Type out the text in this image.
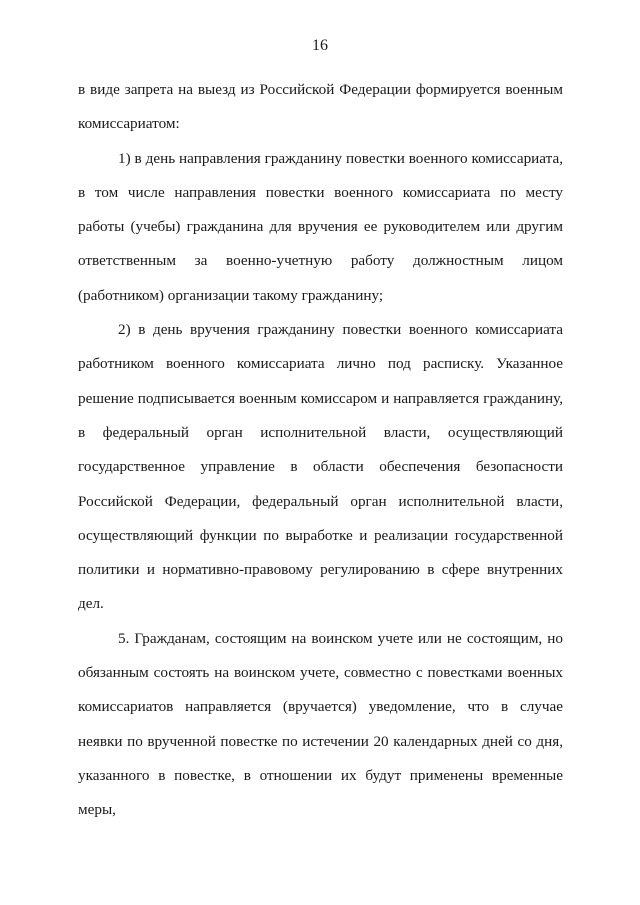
16

в виде запрета на выезд из Российской Федерации формируется военным комиссариатом:

1) в день направления гражданину повестки военного комиссариата, в том числе направления повестки военного комиссариата по месту работы (учебы) гражданина для вручения ее руководителем или другим ответственным за военно-учетную работу должностным лицом (работником) организации такому гражданину;

2) в день вручения гражданину повестки военного комиссариата работником военного комиссариата лично под расписку. Указанное решение подписывается военным комиссаром и направляется гражданину, в федеральный орган исполнительной власти, осуществляющий государственное управление в области обеспечения безопасности Российской Федерации, федеральный орган исполнительной власти, осуществляющий функции по выработке и реализации государственной политики и нормативно-правовому регулированию в сфере внутренних дел.

5. Гражданам, состоящим на воинском учете или не состоящим, но обязанным состоять на воинском учете, совместно с повестками военных комиссариатов направляется (вручается) уведомление, что в случае неявки по врученной повестке по истечении 20 календарных дней со дня, указанного в повестке, в отношении их будут применены временные меры,
